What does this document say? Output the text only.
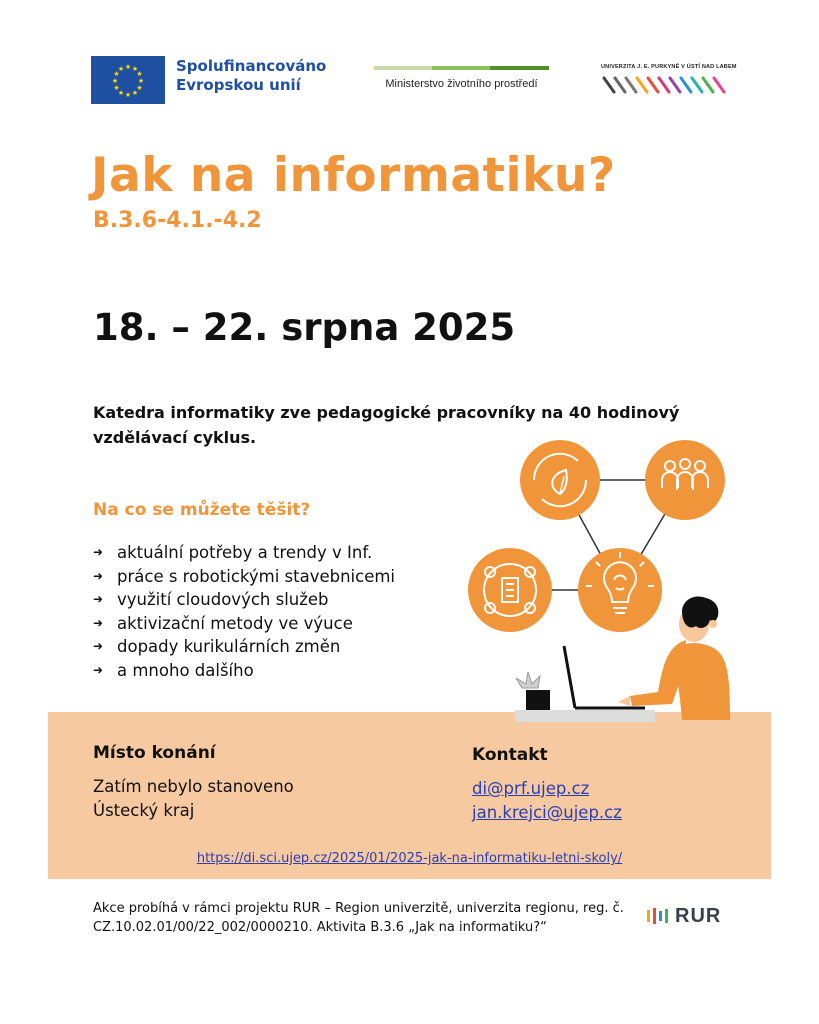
★ ★
★
★
★
★
★
★
★
★
★
★	Spolufinancováno
Evropskou unií	Ministerstvo životního prostředí
UNIVERZITA J. E. PURKYNĚ V ÚSTÍ NAD LABEM
Jak na informatiku?
B.3.6-4.1.-4.2
18. – 22. srpna 2025
Katedra informatiky zve pedagogické pracovníky na 40 hodinový vzdělávací cyklus.
Na co se můžete těšit?
➜ aktuální potřeby a trendy v Inf.
➜ práce s robotickými stavebnicemi
➜ využití cloudových služeb
➜ aktivizační metody ve výuce
➜ dopady kurikulárních změn
➜ a mnoho dalšího
Místo konání
Zatím nebylo stanoveno
Ústecký kraj
Kontakt
di@prf.ujep.cz
jan.krejci@ujep.cz
https://di.sci.ujep.cz/2025/01/2025-jak-na-informatiku-letni-skoly/
Akce probíhá v rámci projektu RUR – Region univerzitě, univerzita regionu, reg. č. CZ.10.02.01/00/22_002/0000210. Aktivita B.3.6 „Jak na informatiku?“
RUR
